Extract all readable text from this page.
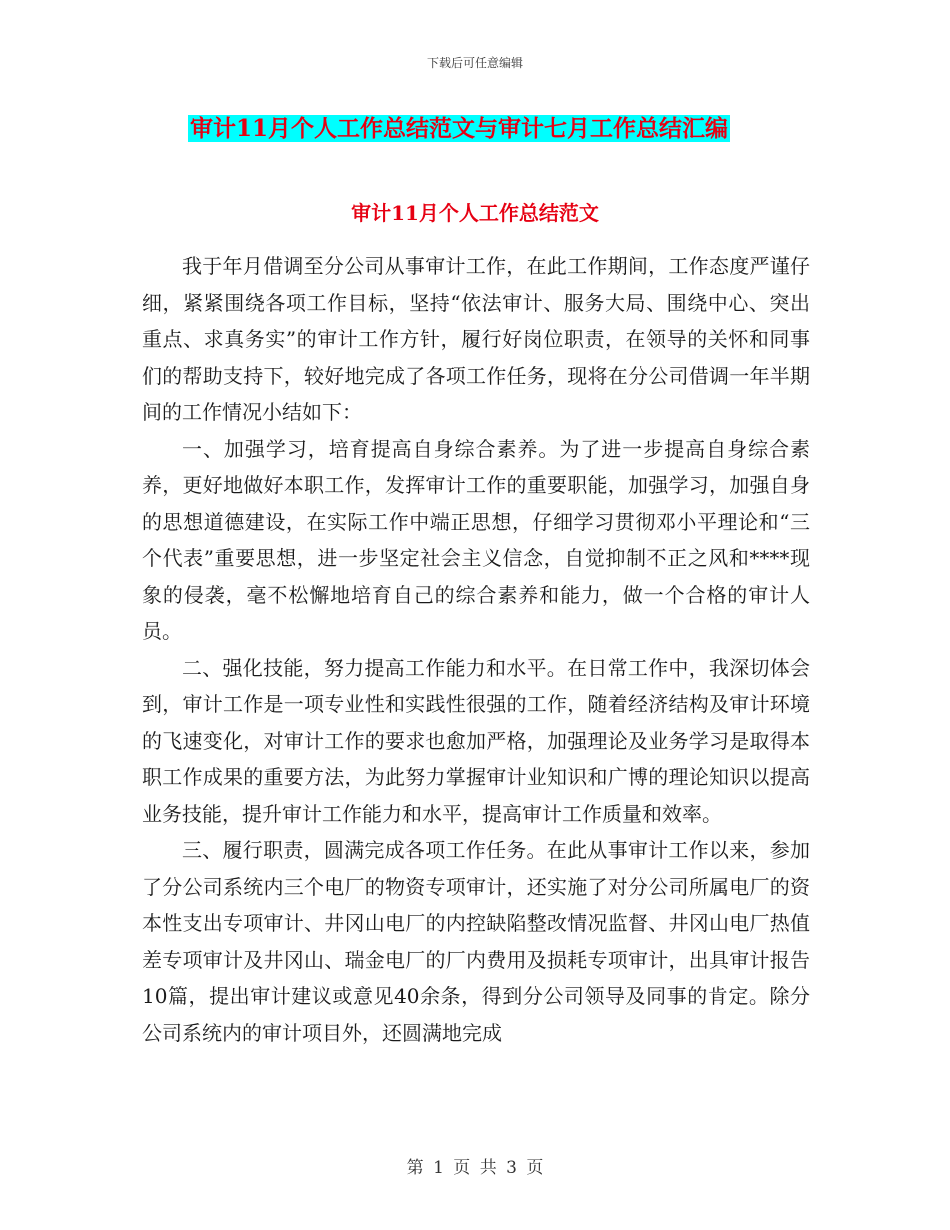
下载后可任意编辑
审计11月个人工作总结范文与审计七月工作总结汇编
审计11月个人工作总结范文

我于年月借调至分公司从事审计工作，在此工作期间，工作态度严谨仔细，紧紧围绕各项工作目标，坚持“依法审计、服务大局、围绕中心、突出重点、求真务实”的审计工作方针，履行好岗位职责，在领导的关怀和同事们的帮助支持下，较好地完成了各项工作任务，现将在分公司借调一年半期间的工作情况小结如下：

一、加强学习，培育提高自身综合素养。为了进一步提高自身综合素养，更好地做好本职工作，发挥审计工作的重要职能，加强学习，加强自身的思想道德建设，在实际工作中端正思想，仔细学习贯彻邓小平理论和“三个代表”重要思想，进一步坚定社会主义信念，自觉抑制不正之风和****现象的侵袭，毫不松懈地培育自己的综合素养和能力，做一个合格的审计人员。

二、强化技能，努力提高工作能力和水平。在日常工作中，我深切体会到，审计工作是一项专业性和实践性很强的工作，随着经济结构及审计环境的飞速变化，对审计工作的要求也愈加严格，加强理论及业务学习是取得本职工作成果的重要方法，为此努力掌握审计业知识和广博的理论知识以提高业务技能，提升审计工作能力和水平，提高审计工作质量和效率。

三、履行职责，圆满完成各项工作任务。在此从事审计工作以来，参加了分公司系统内三个电厂的物资专项审计，还实施了对分公司所属电厂的资本性支出专项审计、井冈山电厂的内控缺陷整改情况监督、井冈山电厂热值差专项审计及井冈山、瑞金电厂的厂内费用及损耗专项审计，出具审计报告10篇，提出审计建议或意见40余条，得到分公司领导及同事的肯定。除分公司系统内的审计项目外，还圆满地完成

第 1 页 共 3 页
